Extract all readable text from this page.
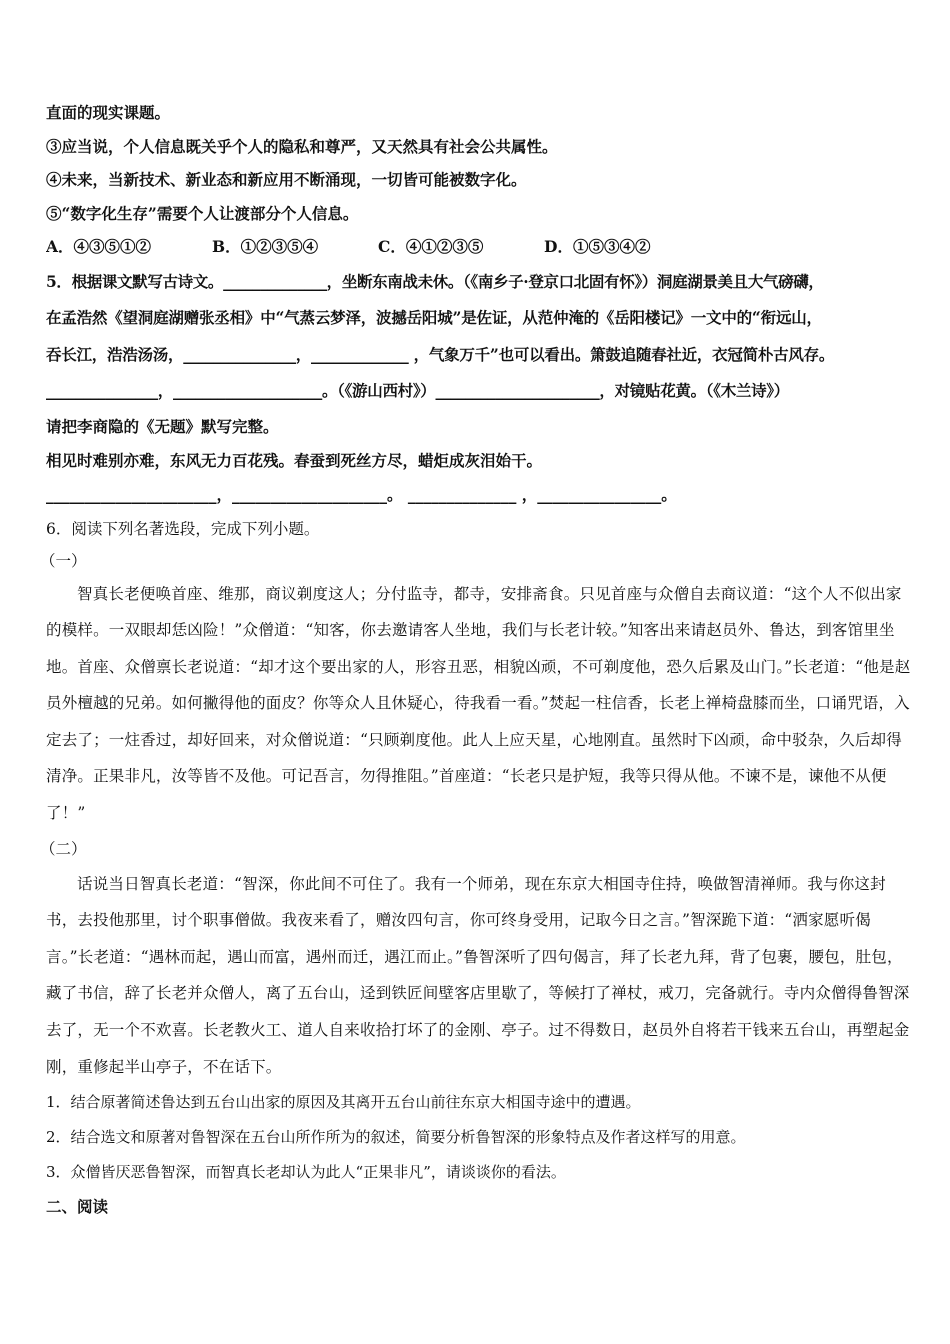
直面的现实课题。
③应当说，个人信息既关乎个人的隐私和尊严，又天然具有社会公共属性。
④未来，当新技术、新业态和新应用不断涌现，一切皆可能被数字化。
⑤“数字化生存”需要个人让渡部分个人信息。
A．④③⑤①②	B．①②③⑤④	C．④①②③⑤	D．①⑤③④②
5．根据课文默写古诗文。______________，坐断东南战未休。（《南乡子·登京口北固有怀》）洞庭湖景美且大气磅礴，
在孟浩然《望洞庭湖赠张丞相》中“气蒸云梦泽，波撼岳阳城”是佐证，从范仲淹的《岳阳楼记》一文中的“衔远山，
吞长江，浩浩汤汤，_______________，_____________ ，气象万千”也可以看出。箫鼓追随春社近，衣冠简朴古风存。
_______________，____________________。（《游山西村》）______________________，对镜贴花黄。（《木兰诗》）
请把李商隐的《无题》默写完整。
相见时难别亦难，东风无力百花残。春蚕到死丝方尽，蜡炬成灰泪始干。
______________________，____________________。 ______________ ，________________。
6．阅读下列名著选段，完成下列小题。
（一）

智真长老便唤首座、维那，商议剃度这人；分付监寺，都寺，安排斋食。只见首座与众僧自去商议道：“这个人不似出家的模样。一双眼却恁凶险！”众僧道：“知客，你去邀请客人坐地，我们与长老计较。”知客出来请赵员外、鲁达，到客馆里坐地。首座、众僧禀长老说道：“却才这个要出家的人，形容丑恶，相貌凶顽，不可剃度他，恐久后累及山门。”长老道：“他是赵员外檀越的兄弟。如何撇得他的面皮？你等众人且休疑心，待我看一看。”焚起一柱信香，长老上禅椅盘膝而坐，口诵咒语，入定去了；一炷香过，却好回来，对众僧说道：“只顾剃度他。此人上应天星，心地刚直。虽然时下凶顽，命中驳杂，久后却得清净。正果非凡，汝等皆不及他。可记吾言，勿得推阻。”首座道：“长老只是护短，我等只得从他。不谏不是，谏他不从便了！”

（二）

话说当日智真长老道：“智深，你此间不可住了。我有一个师弟，现在东京大相国寺住持，唤做智清禅师。我与你这封书，去投他那里，讨个职事僧做。我夜来看了，赠汝四句言，你可终身受用，记取今日之言。”智深跪下道：“洒家愿听偈言。”长老道：“遇林而起，遇山而富，遇州而迁，遇江而止。”鲁智深听了四句偈言，拜了长老九拜，背了包裹，腰包，肚包，藏了书信，辞了长老并众僧人，离了五台山，迳到铁匠间壁客店里歇了，等候打了禅杖，戒刀，完备就行。寺内众僧得鲁智深去了，无一个不欢喜。长老教火工、道人自来收拾打坏了的金刚、亭子。过不得数日，赵员外自将若干钱来五台山，再塑起金刚，重修起半山亭子，不在话下。

1．结合原著简述鲁达到五台山出家的原因及其离开五台山前往东京大相国寺途中的遭遇。
2．结合选文和原著对鲁智深在五台山所作所为的叙述，简要分析鲁智深的形象特点及作者这样写的用意。
3．众僧皆厌恶鲁智深，而智真长老却认为此人“正果非凡”，请谈谈你的看法。
二、阅读
